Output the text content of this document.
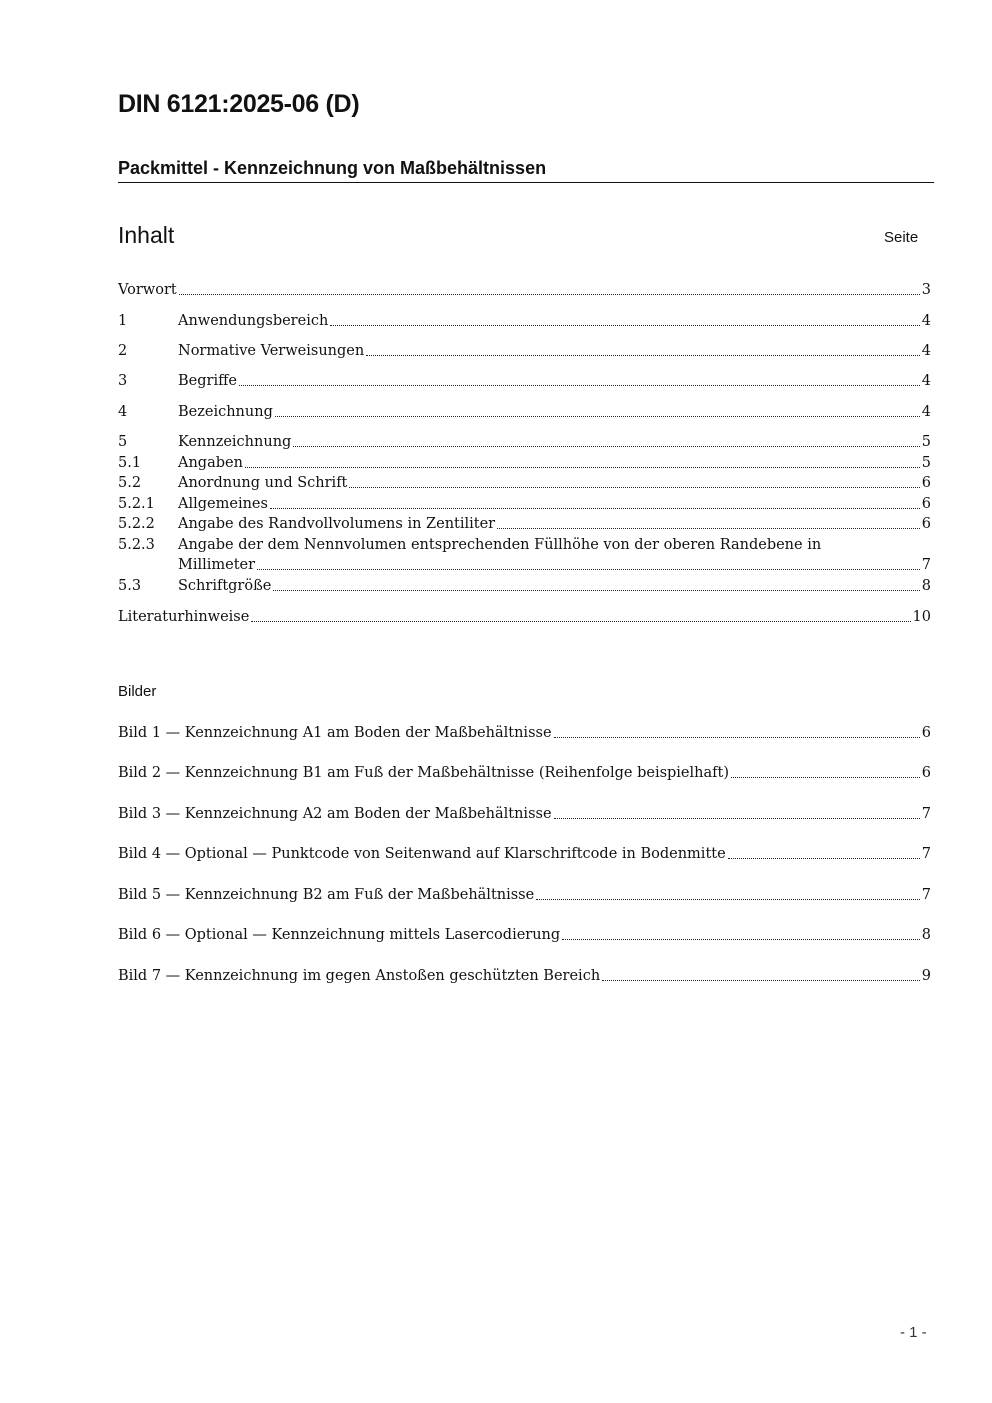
DIN 6121:2025-06 (D)
Packmittel - Kennzeichnung von Maßbehältnissen
Inhalt	Seite
Vorwort	3
1	Anwendungsbereich	4
2	Normative Verweisungen	4
3	Begriffe	4
4	Bezeichnung	4
5	Kennzeichnung	5
5.1	Angaben	5
5.2	Anordnung und Schrift	6
5.2.1	Allgemeines	6
5.2.2	Angabe des Randvollvolumens in Zentiliter	6
5.2.3	Angabe der dem Nennvolumen entsprechenden Füllhöhe von der oberen Randebene in
Millimeter	7
5.3	Schriftgröße	8
Literaturhinweise	10
Bilder
Bild 1 — Kennzeichnung A1 am Boden der Maßbehältnisse	6
Bild 2 — Kennzeichnung B1 am Fuß der Maßbehältnisse (Reihenfolge beispielhaft)	6
Bild 3 — Kennzeichnung A2 am Boden der Maßbehältnisse	7
Bild 4 — Optional — Punktcode von Seitenwand auf Klarschriftcode in Bodenmitte	7
Bild 5 — Kennzeichnung B2 am Fuß der Maßbehältnisse	7
Bild 6 — Optional — Kennzeichnung mittels Lasercodierung	8
Bild 7 — Kennzeichnung im gegen Anstoßen geschützten Bereich	9
- 1 -
